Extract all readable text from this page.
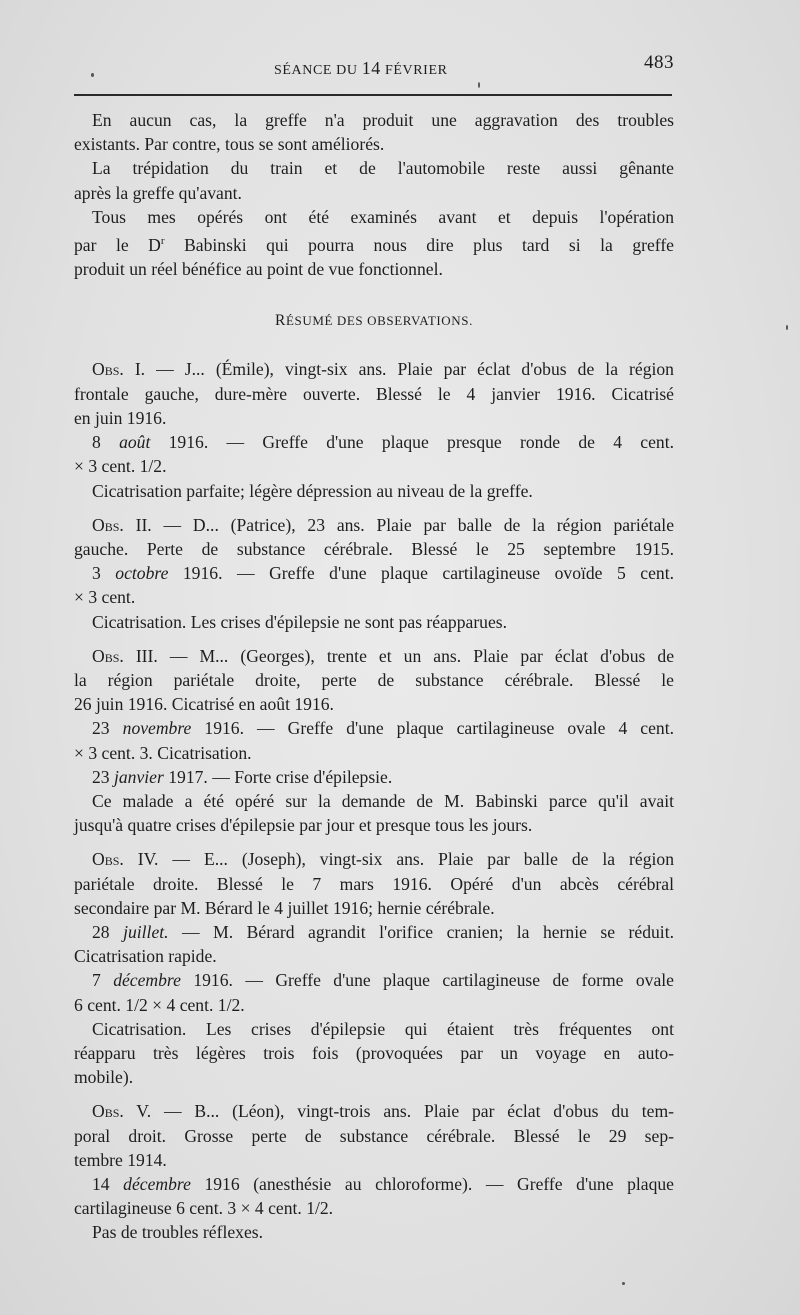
SÉANCE DU 14 FÉVRIER	483

En aucun cas, la greffe n'a produit une aggravation des troubles
existants. Par contre, tous se sont améliorés.

La trépidation du train et de l'automobile reste aussi gênante
après la greffe qu'avant.

Tous mes opérés ont été examinés avant et depuis l'opération
par le $D^r$ Babinski qui pourra nous dire plus tard si la greffe
produit un réel bénéfice au point de vue fonctionnel.

RÉSUMÉ DES OBSERVATIONS.

Obs. I. — J... (Émile), vingt-six ans. Plaie par éclat d'obus de la région
frontale gauche, dure-mère ouverte. Blessé le 4 janvier 1916. Cicatrisé
en juin 1916.

8 août 1916. — Greffe d'une plaque presque ronde de 4 cent.
× 3 cent. 1/2.

Cicatrisation parfaite; légère dépression au niveau de la greffe.

Obs. II. — D... (Patrice), 23 ans. Plaie par balle de la région pariétale
gauche. Perte de substance cérébrale. Blessé le 25 septembre 1915.

3 octobre 1916. — Greffe d'une plaque cartilagineuse ovoïde 5 cent.
× 3 cent.

Cicatrisation. Les crises d'épilepsie ne sont pas réapparues.

Obs. III. — M... (Georges), trente et un ans. Plaie par éclat d'obus de
la région pariétale droite, perte de substance cérébrale. Blessé le
26 juin 1916. Cicatrisé en août 1916.

23 novembre 1916. — Greffe d'une plaque cartilagineuse ovale 4 cent.
× 3 cent. 3. Cicatrisation.

23 janvier 1917. — Forte crise d'épilepsie.

Ce malade a été opéré sur la demande de M. Babinski parce qu'il avait
jusqu'à quatre crises d'épilepsie par jour et presque tous les jours.

Obs. IV. — E... (Joseph), vingt-six ans. Plaie par balle de la région
pariétale droite. Blessé le 7 mars 1916. Opéré d'un abcès cérébral
secondaire par M. Bérard le 4 juillet 1916; hernie cérébrale.

28 juillet. — M. Bérard agrandit l'orifice cranien; la hernie se réduit.
Cicatrisation rapide.

7 décembre 1916. — Greffe d'une plaque cartilagineuse de forme ovale
6 cent. 1/2 × 4 cent. 1/2.

Cicatrisation. Les crises d'épilepsie qui étaient très fréquentes ont
réapparu très légères trois fois (provoquées par un voyage en auto-
mobile).

Obs. V. — B... (Léon), vingt-trois ans. Plaie par éclat d'obus du tem-
poral droit. Grosse perte de substance cérébrale. Blessé le 29 sep-
tembre 1914.

14 décembre 1916 (anesthésie au chloroforme). — Greffe d'une plaque
cartilagineuse 6 cent. 3 × 4 cent. 1/2.

Pas de troubles réflexes.
